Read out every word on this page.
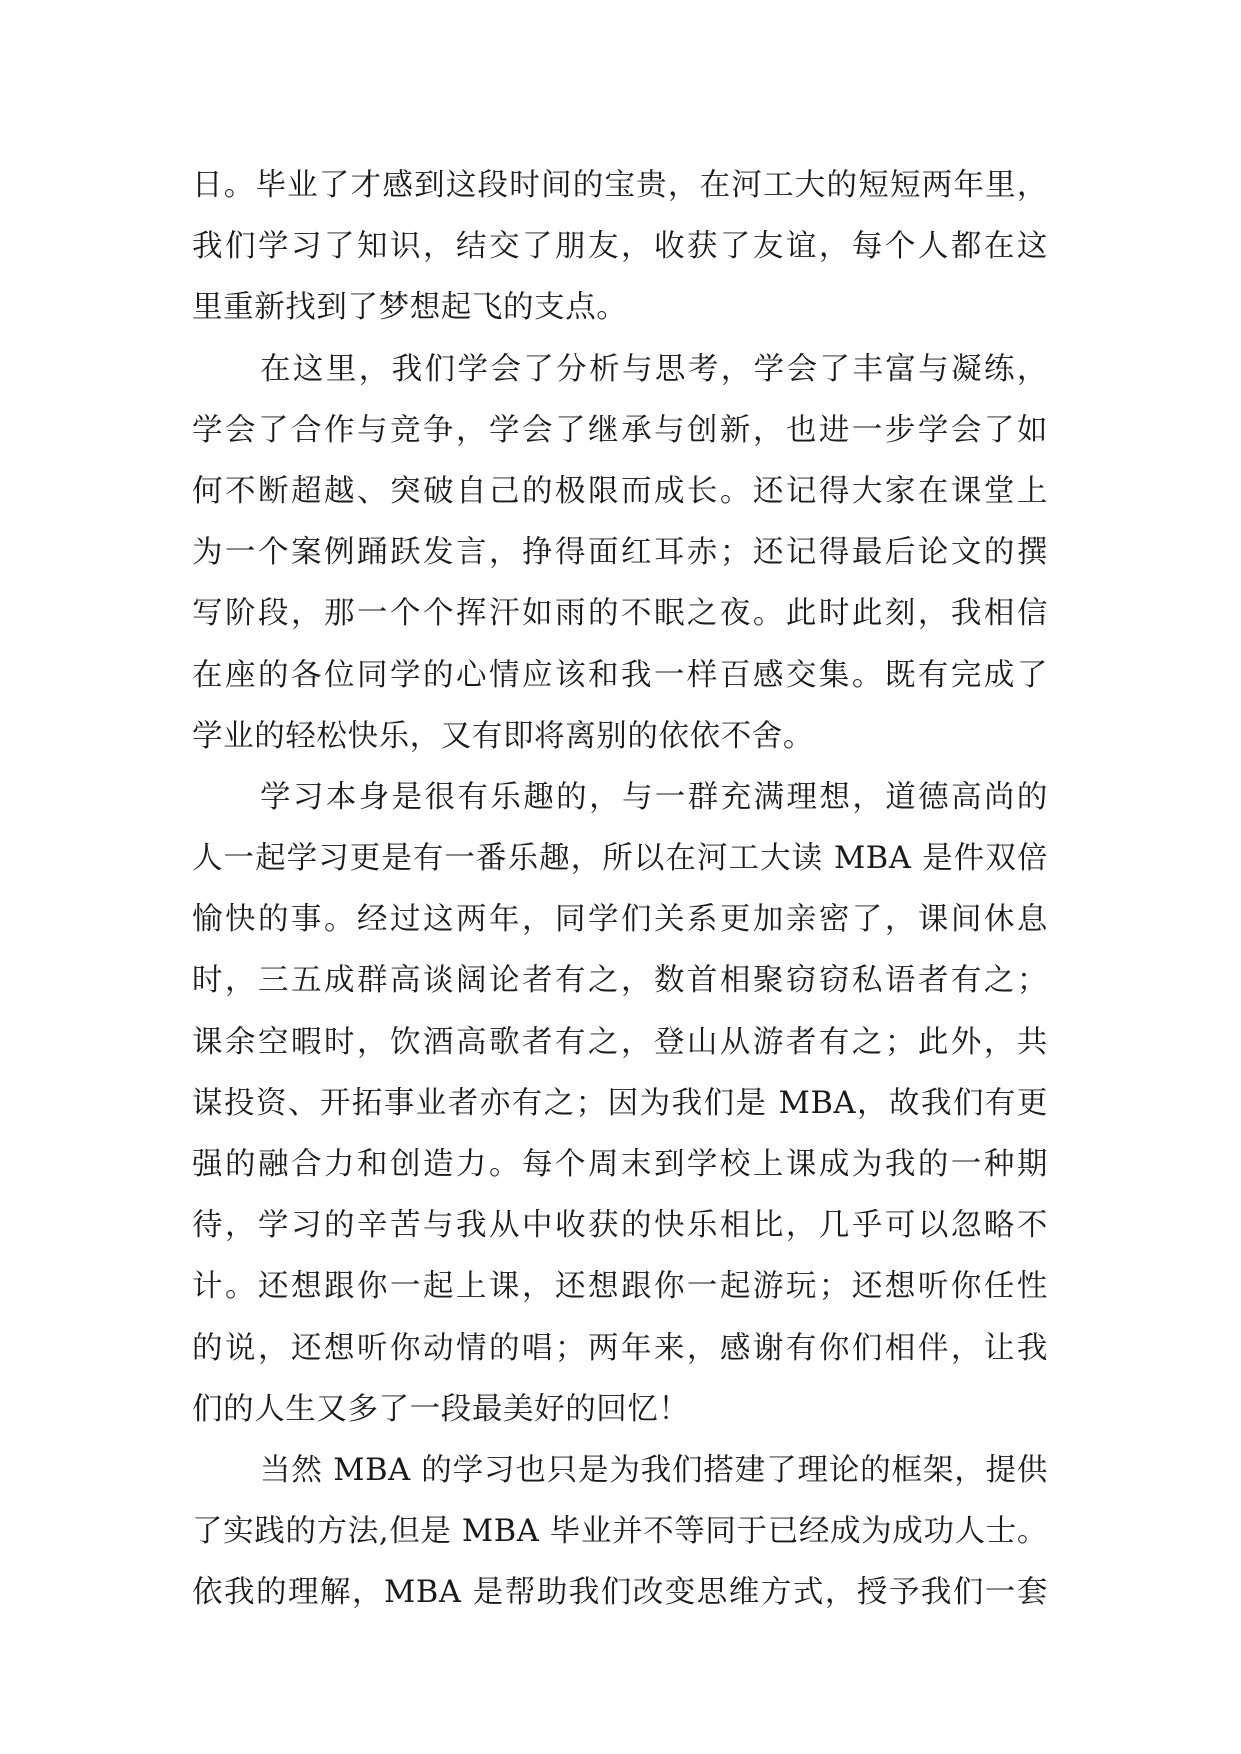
日。毕业了才感到这段时间的宝贵，在河工大的短短两年里，
我们学习了知识，结交了朋友，收获了友谊，每个人都在这
里重新找到了梦想起飞的支点。
在这里，我们学会了分析与思考，学会了丰富与凝练，
学会了合作与竞争，学会了继承与创新，也进一步学会了如
何不断超越、突破自己的极限而成长。还记得大家在课堂上
为一个案例踊跃发言，挣得面红耳赤；还记得最后论文的撰
写阶段，那一个个挥汗如雨的不眠之夜。此时此刻，我相信
在座的各位同学的心情应该和我一样百感交集。既有完成了
学业的轻松快乐，又有即将离别的依依不舍。
学习本身是很有乐趣的，与一群充满理想，道德高尚的
人一起学习更是有一番乐趣，所以在河工大读 MBA 是件双倍
愉快的事。经过这两年，同学们关系更加亲密了，课间休息
时，三五成群高谈阔论者有之，数首相聚窃窃私语者有之；
课余空暇时，饮酒高歌者有之，登山从游者有之；此外，共
谋投资、开拓事业者亦有之；因为我们是 MBA，故我们有更
强的融合力和创造力。每个周末到学校上课成为我的一种期
待，学习的辛苦与我从中收获的快乐相比，几乎可以忽略不
计。还想跟你一起上课，还想跟你一起游玩；还想听你任性
的说，还想听你动情的唱；两年来，感谢有你们相伴，让我
们的人生又多了一段最美好的回忆！
当然 MBA 的学习也只是为我们搭建了理论的框架，提供
了实践的方法,但是 MBA 毕业并不等同于已经成为成功人士。
依我的理解，MBA 是帮助我们改变思维方式，授予我们一套
